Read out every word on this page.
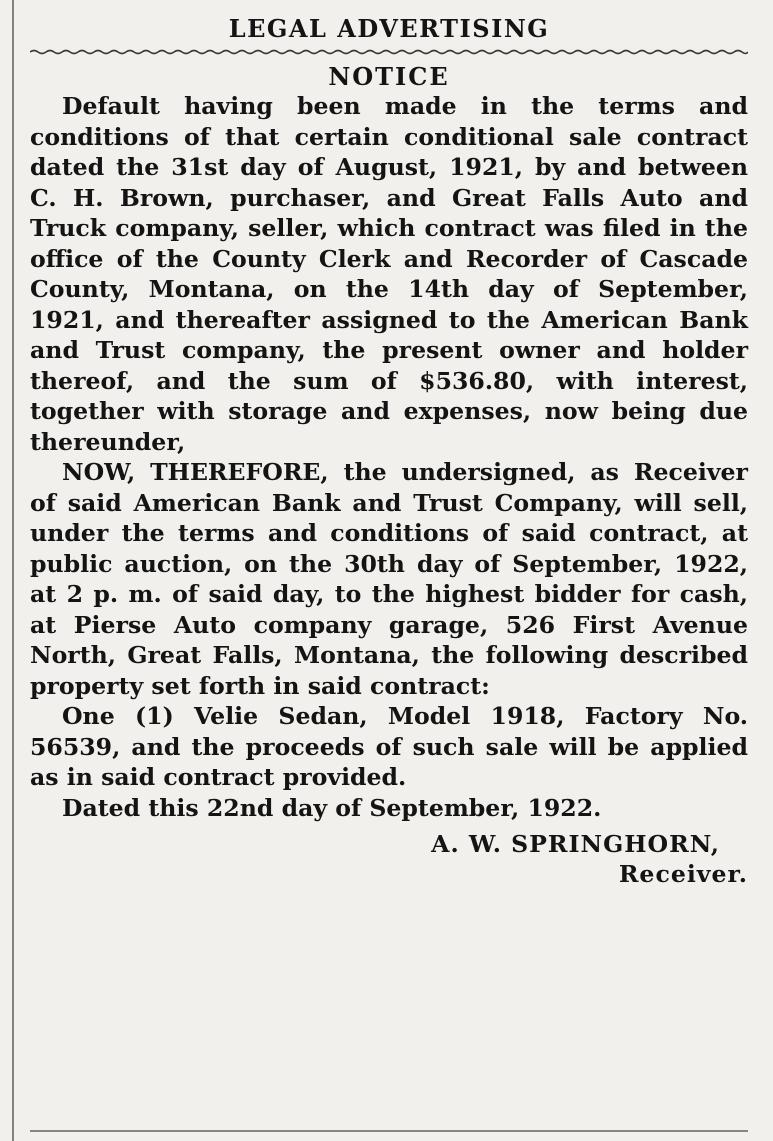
LEGAL ADVERTISING
NOTICE

Default having been made in the terms and conditions of that certain conditional sale contract dated the 31st day of August, 1921, by and between C. H. Brown, purchaser, and Great Falls Auto and Truck company, seller, which contract was filed in the office of the County Clerk and Recorder of Cascade County, Montana, on the 14th day of September, 1921, and thereafter assigned to the American Bank and Trust company, the present owner and holder thereof, and the sum of $536.80, with interest, together with storage and expenses, now being due thereunder,

NOW, THEREFORE, the undersigned, as Receiver of said American Bank and Trust Company, will sell, under the terms and conditions of said contract, at public auction, on the 30th day of September, 1922, at 2 p. m. of said day, to the highest bidder for cash, at Pierse Auto company garage, 526 First Avenue North, Great Falls, Montana, the following described property set forth in said contract:

One (1) Velie Sedan, Model 1918, Factory No. 56539, and the proceeds of such sale will be applied as in said contract provided.

Dated this 22nd day of September, 1922.

A. W. SPRINGHORN,
Receiver.
